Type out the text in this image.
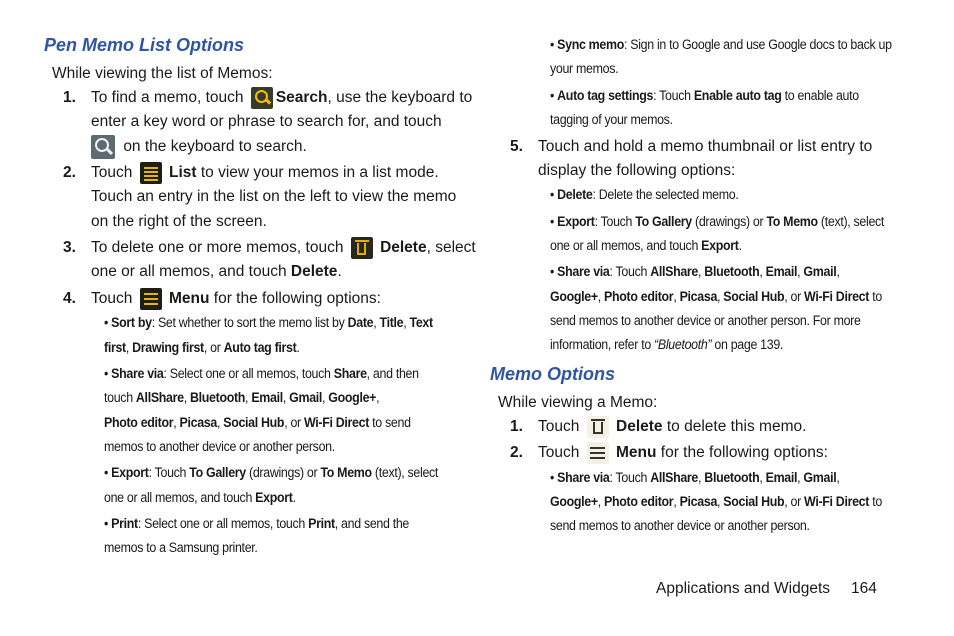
Pen Memo List Options
While viewing the list of Memos:
1. To find a memo, touch Search, use the keyboard to
enter a key word or phrase to search for, and touch
on the keyboard to search.
2. Touch List to view your memos in a list mode.
Touch an entry in the list on the left to view the memo
on the right of the screen.
3. To delete one or more memos, touch Delete, select
one or all memos, and touch Delete.
4. Touch Menu for the following options:
• Sort by: Set whether to sort the memo list by Date, Title, Text
first, Drawing first, or Auto tag first.
• Share via: Select one or all memos, touch Share, and then
touch AllShare, Bluetooth, Email, Gmail, Google+,
Photo editor, Picasa, Social Hub, or Wi-Fi Direct to send
memos to another device or another person.
• Export: Touch To Gallery (drawings) or To Memo (text), select
one or all memos, and touch Export.
• Print: Select one or all memos, touch Print, and send the
memos to a Samsung printer.
• Sync memo: Sign in to Google and use Google docs to back up
your memos.
• Auto tag settings: Touch Enable auto tag to enable auto
tagging of your memos.
5. Touch and hold a memo thumbnail or list entry to
display the following options:
• Delete: Delete the selected memo.
• Export: Touch To Gallery (drawings) or To Memo (text), select
one or all memos, and touch Export.
• Share via: Touch AllShare, Bluetooth, Email, Gmail,
Google+, Photo editor, Picasa, Social Hub, or Wi-Fi Direct to
send memos to another device or another person. For more
information, refer to “Bluetooth” on page 139.
Memo Options
While viewing a Memo:
1. Touch Delete to delete this memo.
2. Touch Menu for the following options:
• Share via: Touch AllShare, Bluetooth, Email, Gmail,
Google+, Photo editor, Picasa, Social Hub, or Wi-Fi Direct to
send memos to another device or another person.
Applications and Widgets 164
